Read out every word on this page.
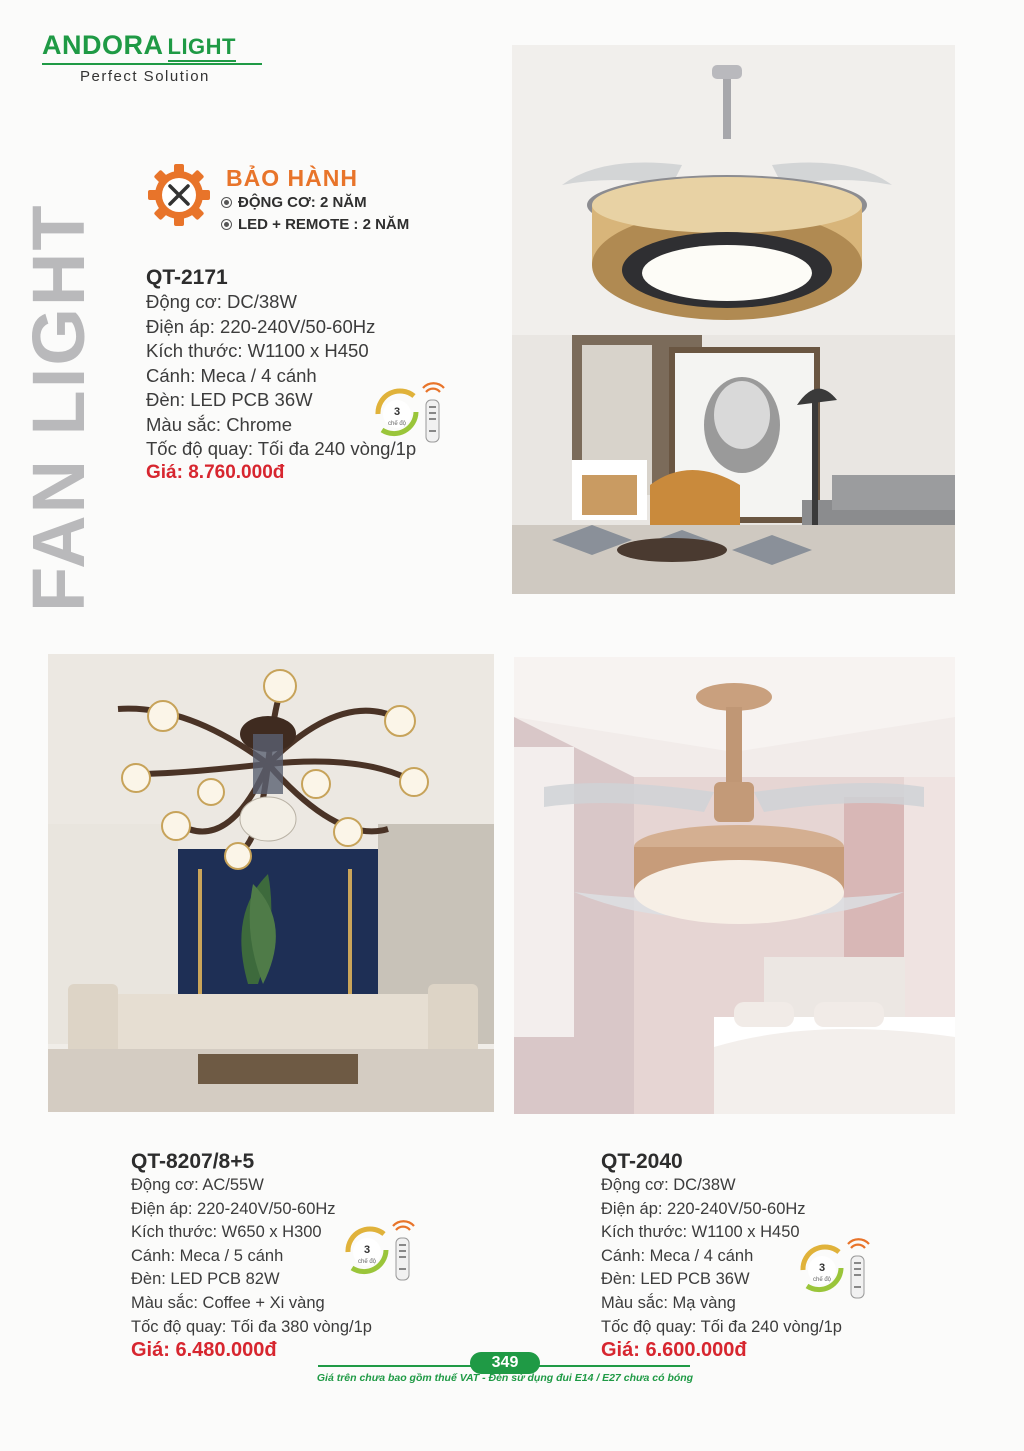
ANDORA LIGHT
Perfect Solution
FAN LIGHT
BẢO HÀNH
ĐỘNG CƠ: 2 NĂM
LED + REMOTE : 2 NĂM
QT-2171
Động cơ: DC/38W
Điện áp: 220-240V/50-60Hz
Kích thước: W1100 x H450
Cánh: Meca / 4 cánh
Đèn: LED PCB 36W
Màu sắc: Chrome
Tốc độ quay: Tối đa 240 vòng/1p
Giá: 8.760.000đ
3
chế độ
QT-8207/8+5
Động cơ: AC/55W
Điện áp: 220-240V/50-60Hz
Kích thước: W650 x H300
Cánh: Meca / 5 cánh
Đèn: LED PCB 82W
Màu sắc: Coffee + Xi vàng
Tốc độ quay: Tối đa 380 vòng/1p
Giá: 6.480.000đ
3
chế độ
QT-2040
Động cơ: DC/38W
Điện áp: 220-240V/50-60Hz
Kích thước: W1100 x H450
Cánh: Meca / 4 cánh
Đèn: LED PCB 36W
Màu sắc: Mạ vàng
Tốc độ quay: Tối đa 240 vòng/1p
Giá: 6.600.000đ
3
chế độ
349
Giá trên chưa bao gồm thuế VAT - Đèn sử dụng đui E14 / E27 chưa có bóng
